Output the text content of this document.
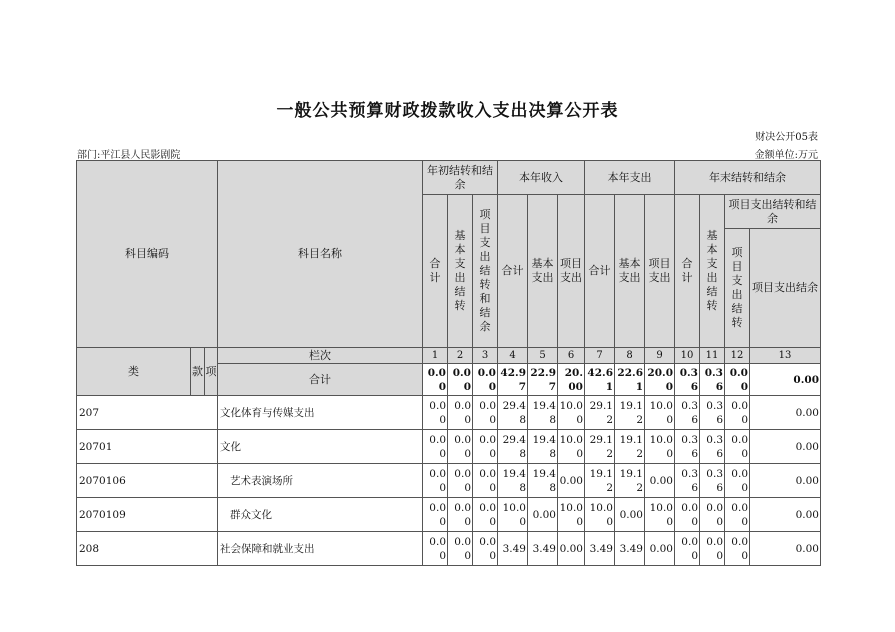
一般公共预算财政拨款收入支出决算公开表
财决公开05表
部门:平江县人民影剧院	金额单位:万元
科目编码			科目名称	年初结转和结余			本年收入			本年支出			年末结转和结余			
				合计	基本支出结转	项目支出结转和结余	合计	基本支出	项目支出	合计	基本支出	项目支出	合计	基本支出结转	项目支出结转和结余	
															项目支出结转	项目支出结余

类	款	项	栏次	1	2	3	4	5	6	7	8	9	10	11	12	13
			合计	0.00	0.00	0.00	42.97	22.97	20.00	42.61	22.61	20.00	0.36	0.36	0.00	0.00
207			文化体育与传媒支出	0.00	0.00	0.00	29.48	19.48	10.00	29.12	19.12	10.00	0.36	0.36	0.00	0.00
20701			文化	0.00	0.00	0.00	29.48	19.48	10.00	29.12	19.12	10.00	0.36	0.36	0.00	0.00
2070106			艺术表演场所	0.00	0.00	0.00	19.48	19.48	0.00	19.12	19.12	0.00	0.36	0.36	0.00	0.00
2070109			群众文化	0.00	0.00	0.00	10.00	0.00	10.00	10.00	0.00	10.00	0.00	0.00	0.00	0.00
208			社会保障和就业支出	0.00	0.00	0.00	3.49	3.49	0.00	3.49	3.49	0.00	0.00	0.00	0.00	0.00
